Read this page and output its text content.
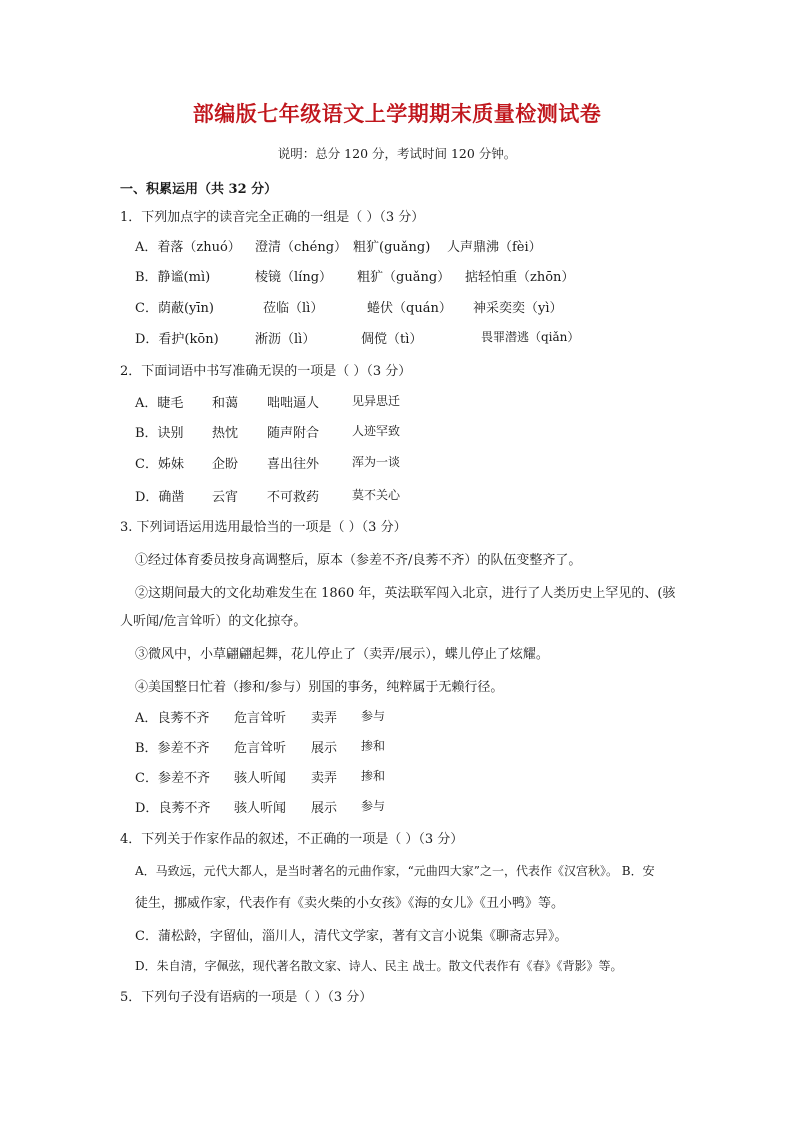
部编版七年级语文上学期期末质量检测试卷
说明：总分 120 分，考试时间 120 分钟。
一、积累运用（共 32 分）
1．下列加点字的读音完全正确的一组是（ ）（3 分）
A．着落（zhuó） 澄清（chéng） 粗犷(guǎng) 人声鼎沸（fèi）
B．静谧(mì)	棱镜（líng） 粗犷（guǎng） 掂轻怕重（zhōn）
C．荫蔽(yīn)	莅临（lì）	蜷伏（quán） 神采奕奕（yì）
D．看护(kōn)	淅沥（lì）	倜傥（tì）	畏罪潜逃（qiǎn）
2．下面词语中书写准确无误的一项是（ ）（3 分）
A．睫毛 和蔼 咄咄逼人	见异思迁
B．诀别 热忱 随声附合	人迹罕致
C．姊妹 企盼 喜出往外	浑为一谈
D．确凿 云宵 不可救药	莫不关心
3. 下列词语运用选用最恰当的一项是（ ）（3 分）
①经过体育委员按身高调整后，原本（参差不齐/良莠不齐）的队伍变整齐了。
②这期间最大的文化劫难发生在 1860 年，英法联军闯入北京，进行了人类历史上罕见的、(骇
人听闻/危言耸听）的文化掠夺。
③微风中，小草翩翩起舞，花儿停止了（卖弄/展示），蝶儿停止了炫耀。
④美国整日忙着（掺和/参与）别国的事务，纯粹属于无赖行径。
A．良莠不齐 危言耸听 卖弄 参与
B．参差不齐 危言耸听 展示 掺和
C．参差不齐 骇人听闻 卖弄 掺和
D．良莠不齐 骇人听闻 展示 参与
4．下列关于作家作品的叙述，不正确的一项是（ ）（3 分）
A．马致远，元代大都人，是当时著名的元曲作家，“元曲四大家”之一，代表作《汉宫秋》。 B．安
徒生，挪威作家，代表作有《卖火柴的小女孩》《海的女儿》《丑小鸭》等。
C．蒲松龄，字留仙，淄川人，清代文学家，著有文言小说集《聊斋志异》。
D．朱自清，字佩弦，现代著名散文家、诗人、民主 战士。散文代表作有《春》《背影》等。
5．下列句子没有语病的一项是（ ）（3 分）
